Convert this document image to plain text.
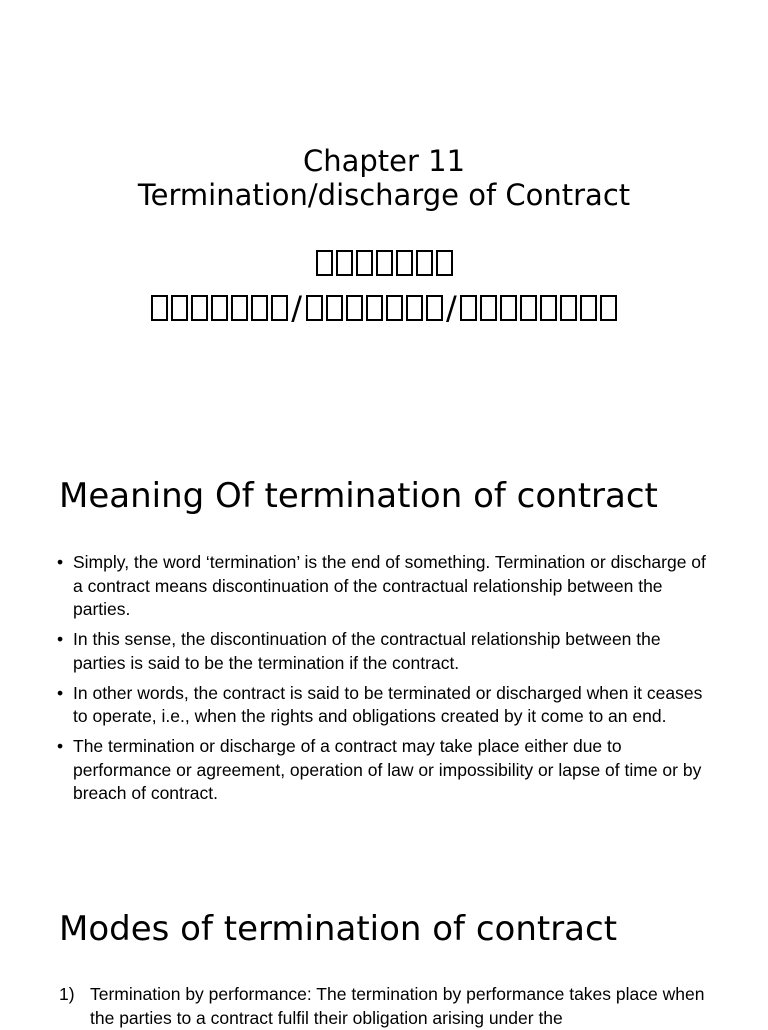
Chapter 11
Termination/discharge of Contract
/	/
Meaning Of termination of contract
• Simply, the word ‘termination’ is the end of something. Termination or discharge of a contract means discontinuation of the contractual relationship between the parties.
• In this sense, the discontinuation of the contractual relationship between the parties is said to be the termination if the contract.
• In other words, the contract is said to be terminated or discharged when it ceases to operate, i.e., when the rights and obligations created by it come to an end.
• The termination or discharge of a contract may take place either due to performance or agreement, operation of law or impossibility or lapse of time or by breach of contract.
Modes of termination of contract
1) Termination by performance: The termination by performance takes place when the parties to a contract fulfil their obligation arising under the
